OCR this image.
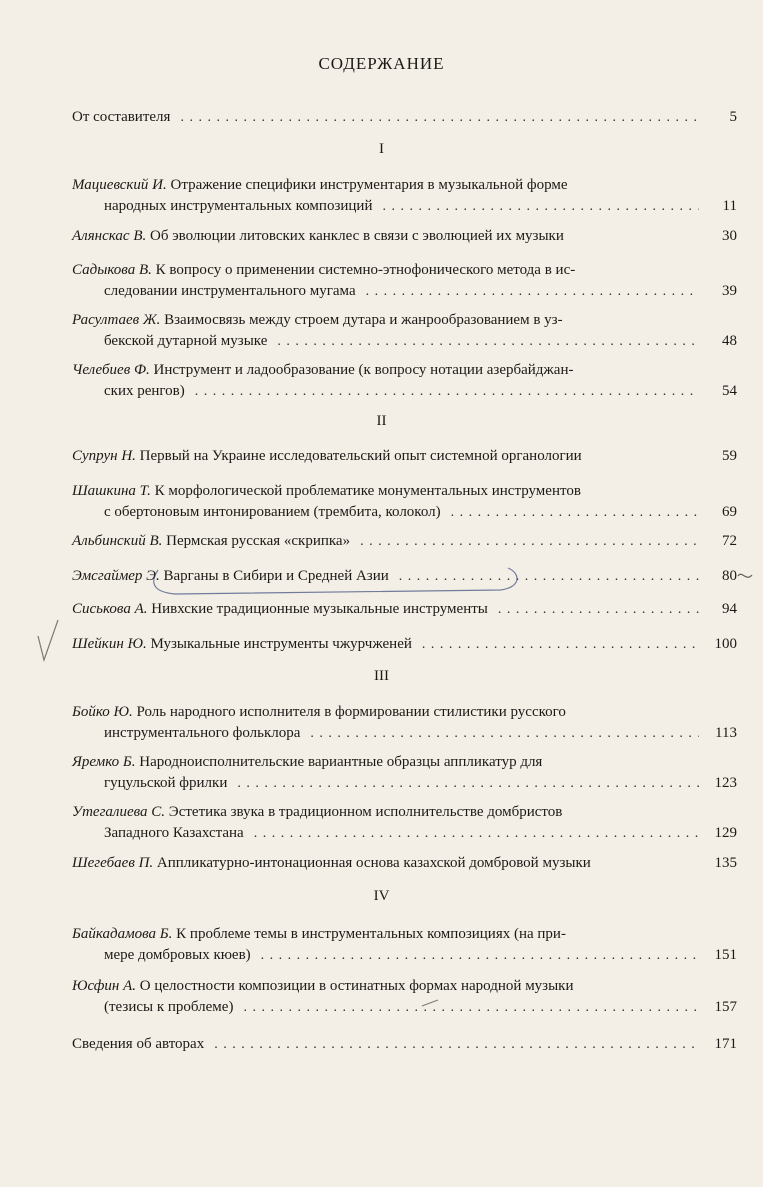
СОДЕРЖАНИЕ
От составителя . . .	5
I
Мациевский И. Отражение специфики инструментария в музыкальной форме
народных инструментальных композиций . . .	11
Алянскас В. Об эволюции литовских канклес в связи с эволюцией их музыки	30
Садыкова В. К вопросу о применении системно-этнофонического метода в ис-
следовании инструментального мугама . . .	39
Расултаев Ж. Взаимосвязь между строем дутара и жанрообразованием в уз-
бекской дутарной музыке . . .	48
Челебиев Ф. Инструмент и ладообразование (к вопросу нотации азербайджан-
ских ренгов) . . .	54
II
Супрун Н. Первый на Украине исследовательский опыт системной органологии	59
Шашкина Т. К морфологической проблематике монументальных инструментов
с обертоновым интонированием (трембита, колокол) . . .	69
Альбинский В. Пермская русская «скрипка» . . .	72
Эмсгаймер Э. Варганы в Сибири и Средней Азии . . .	80
Сиськова А. Нивхские традиционные музыкальные инструменты . . .	94
Шейкин Ю. Музыкальные инструменты чжурчженей . . .	100
III
Бойко Ю. Роль народного исполнителя в формировании стилистики русского
инструментального фольклора . . .	113
Яремко Б. Народноисполнительские вариантные образцы аппликатур для
гуцульской фрилки . . .	123
Утегалиева С. Эстетика звука в традиционном исполнительстве домбристов
Западного Казахстана . . .	129
Шегебаев П. Аппликатурно-интонационная основа казахской домбровой музыки	135
IV
Байкадамова Б. К проблеме темы в инструментальных композициях (на при-
мере домбровых кюев) . . .	151
Юсфин А. О целостности композиции в остинатных формах народной музыки
(тезисы к проблеме) . . .	157
Сведения об авторах . . .	171
